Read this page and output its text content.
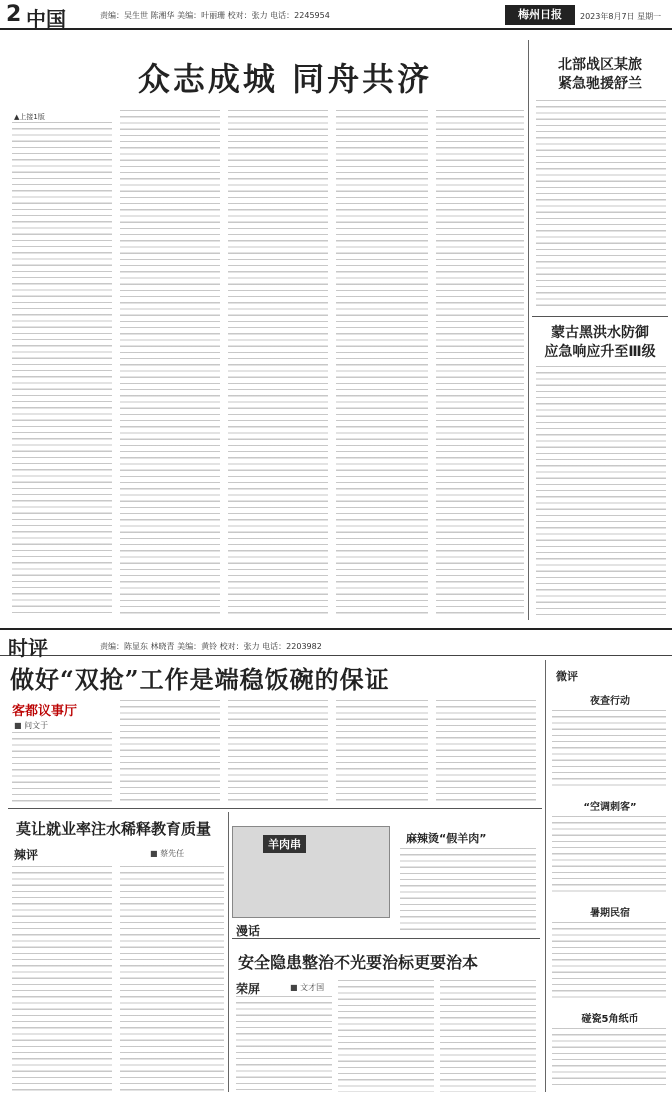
2 中国	责编：吴生世 陈湘华 美编：叶丽珊 校对：张力 电话：2245954	梅州日报	2023年8月7日 星期一
众志成城 同舟共济
▲上接1版
北部战区某旅
紧急驰援舒兰
蒙古黑洪水防御
应急响应升至Ⅲ级
时评	责编：陈显东 林晓青 美编：黄铃 校对：张力 电话：2203982
做好“双抢”工作是端稳饭碗的保证
客都议事厅
■ 问文于
微评
夜查行动
“空调刺客”
暑期民宿
碰瓷5角纸币
莫让就业率注水稀释教育质量
辣评	■ 蔡先任
羊肉串
漫话
麻辣烫“假羊肉”
安全隐患整治不光要治标更要治本
荣屏	■ 文才国
